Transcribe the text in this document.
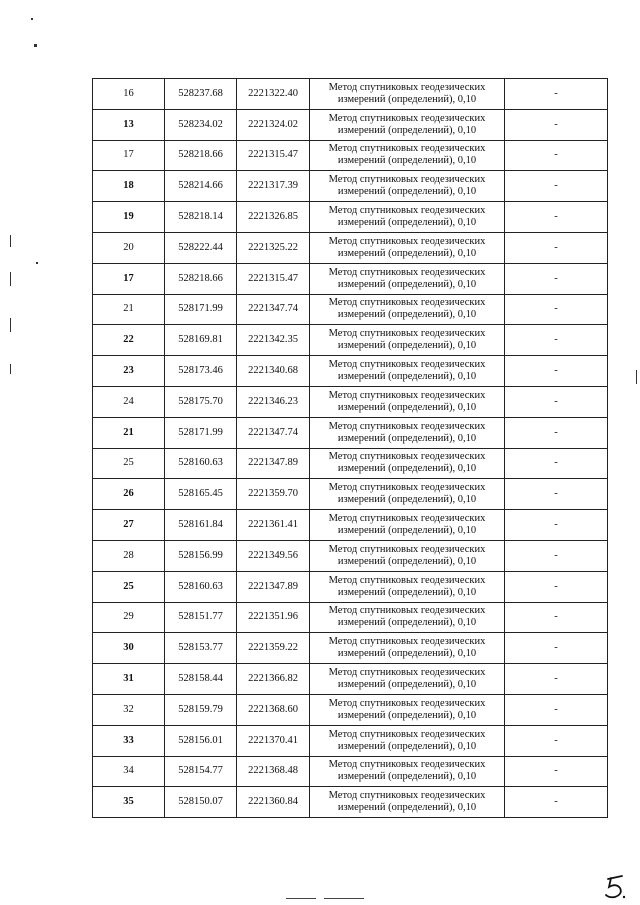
16	528237.68	2221322.40	Метод спутниковых геодезических
измерений (определений), 0,10	-
13	528234.02	2221324.02	Метод спутниковых геодезических
измерений (определений), 0,10	-
17	528218.66	2221315.47	Метод спутниковых геодезических
измерений (определений), 0,10	-
18	528214.66	2221317.39	Метод спутниковых геодезических
измерений (определений), 0,10	-
19	528218.14	2221326.85	Метод спутниковых геодезических
измерений (определений), 0,10	-
20	528222.44	2221325.22	Метод спутниковых геодезических
измерений (определений), 0,10	-
17	528218.66	2221315.47	Метод спутниковых геодезических
измерений (определений), 0,10	-
21	528171.99	2221347.74	Метод спутниковых геодезических
измерений (определений), 0,10	-
22	528169.81	2221342.35	Метод спутниковых геодезических
измерений (определений), 0,10	-
23	528173.46	2221340.68	Метод спутниковых геодезических
измерений (определений), 0,10	-
24	528175.70	2221346.23	Метод спутниковых геодезических
измерений (определений), 0,10	-
21	528171.99	2221347.74	Метод спутниковых геодезических
измерений (определений), 0,10	-
25	528160.63	2221347.89	Метод спутниковых геодезических
измерений (определений), 0,10	-
26	528165.45	2221359.70	Метод спутниковых геодезических
измерений (определений), 0,10	-
27	528161.84	2221361.41	Метод спутниковых геодезических
измерений (определений), 0,10	-
28	528156.99	2221349.56	Метод спутниковых геодезических
измерений (определений), 0,10	-
25	528160.63	2221347.89	Метод спутниковых геодезических
измерений (определений), 0,10	-
29	528151.77	2221351.96	Метод спутниковых геодезических
измерений (определений), 0,10	-
30	528153.77	2221359.22	Метод спутниковых геодезических
измерений (определений), 0,10	-
31	528158.44	2221366.82	Метод спутниковых геодезических
измерений (определений), 0,10	-
32	528159.79	2221368.60	Метод спутниковых геодезических
измерений (определений), 0,10	-
33	528156.01	2221370.41	Метод спутниковых геодезических
измерений (определений), 0,10	-
34	528154.77	2221368.48	Метод спутниковых геодезических
измерений (определений), 0,10	-
35	528150.07	2221360.84	Метод спутниковых геодезических
измерений (определений), 0,10	-
